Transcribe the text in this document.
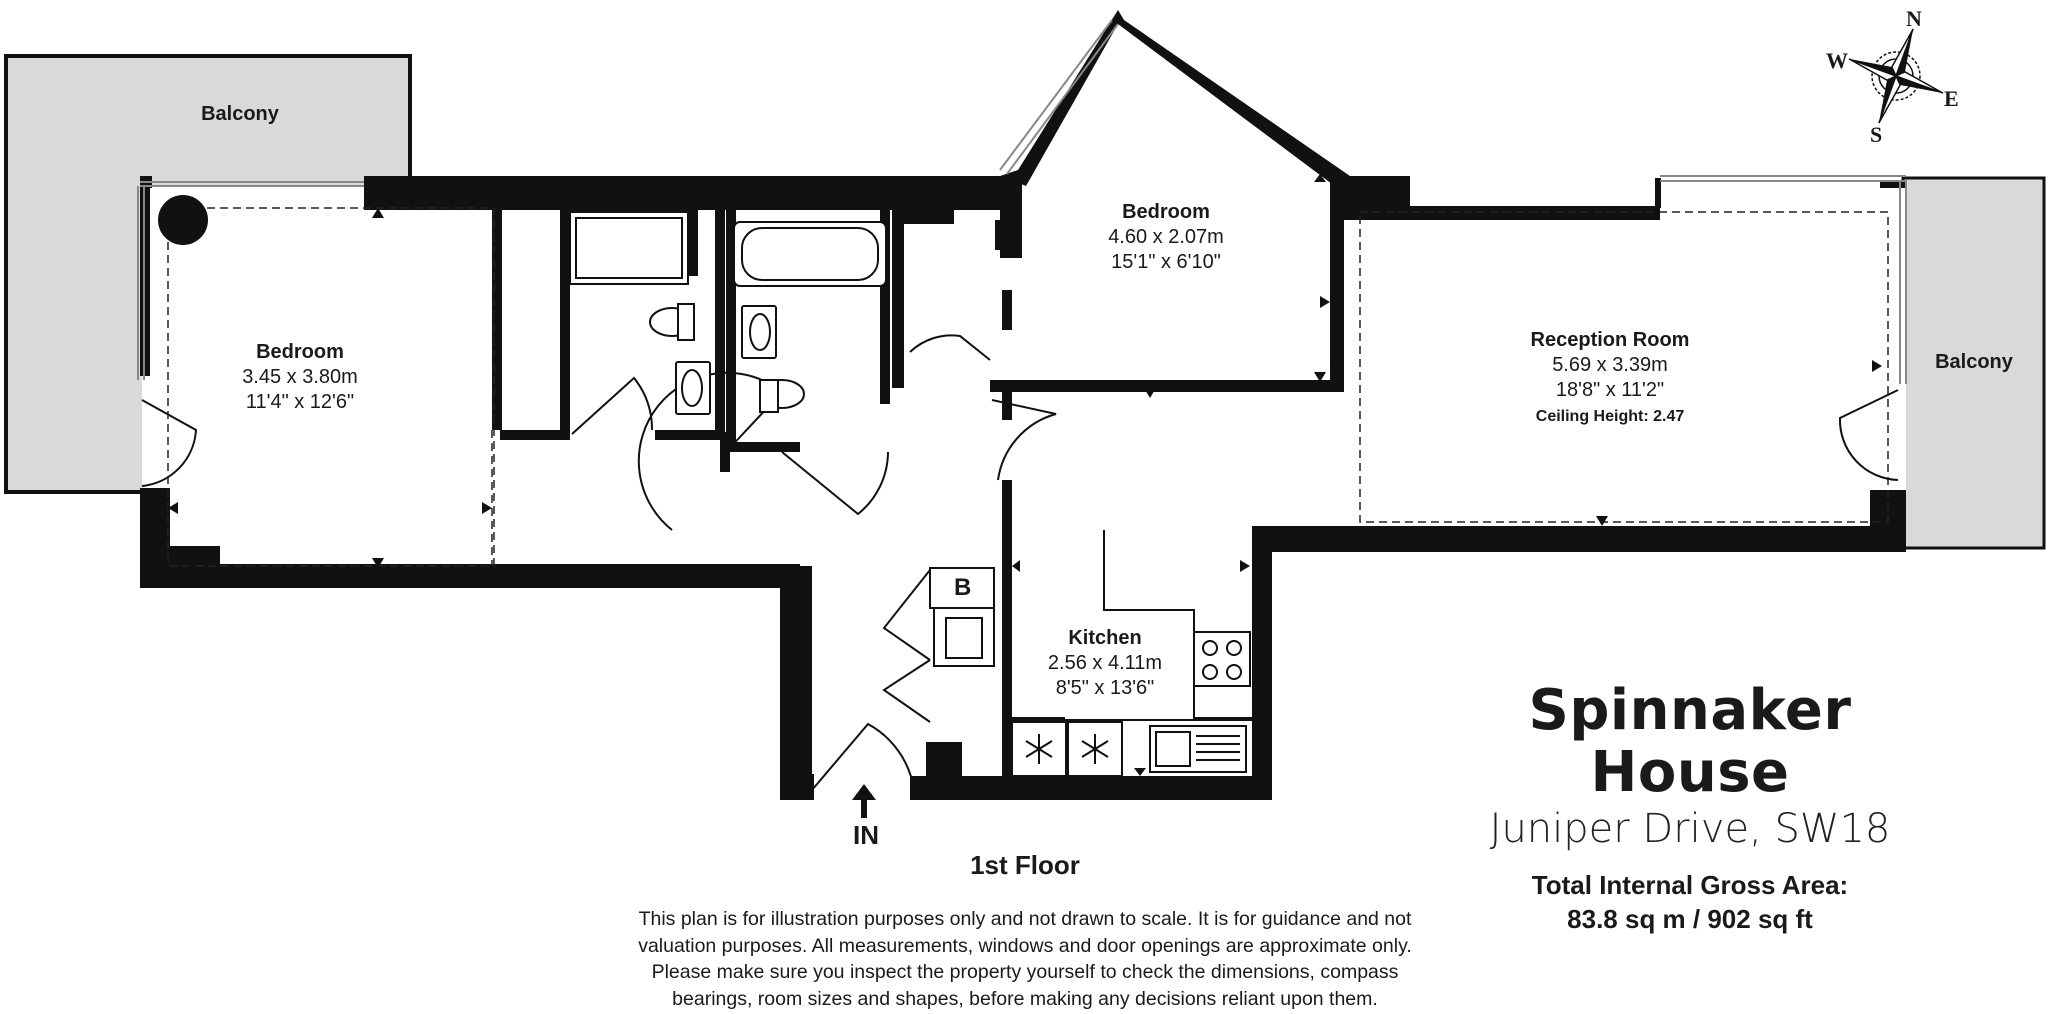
N
E
S
W
Balcony
Bedroom
3.45 x 3.80m
11'4" x 12'6"
Bedroom
4.60 x 2.07m
15'1" x 6'10"
Reception Room
5.69 x 3.39m
18'8" x 11'2"
Ceiling Height: 2.47
Balcony
Kitchen
2.56 x 4.11m
8'5" x 13'6"
B
IN
1st Floor
Spinnaker House
Juniper Drive, SW18
Total Internal Gross Area:
83.8 sq m / 902 sq ft
This plan is for illustration purposes only and not drawn to scale. It is for guidance and not
valuation purposes. All measurements, windows and door openings are approximate only.
Please make sure you inspect the property yourself to check the dimensions, compass
bearings, room sizes and shapes, before making any decisions reliant upon them.
